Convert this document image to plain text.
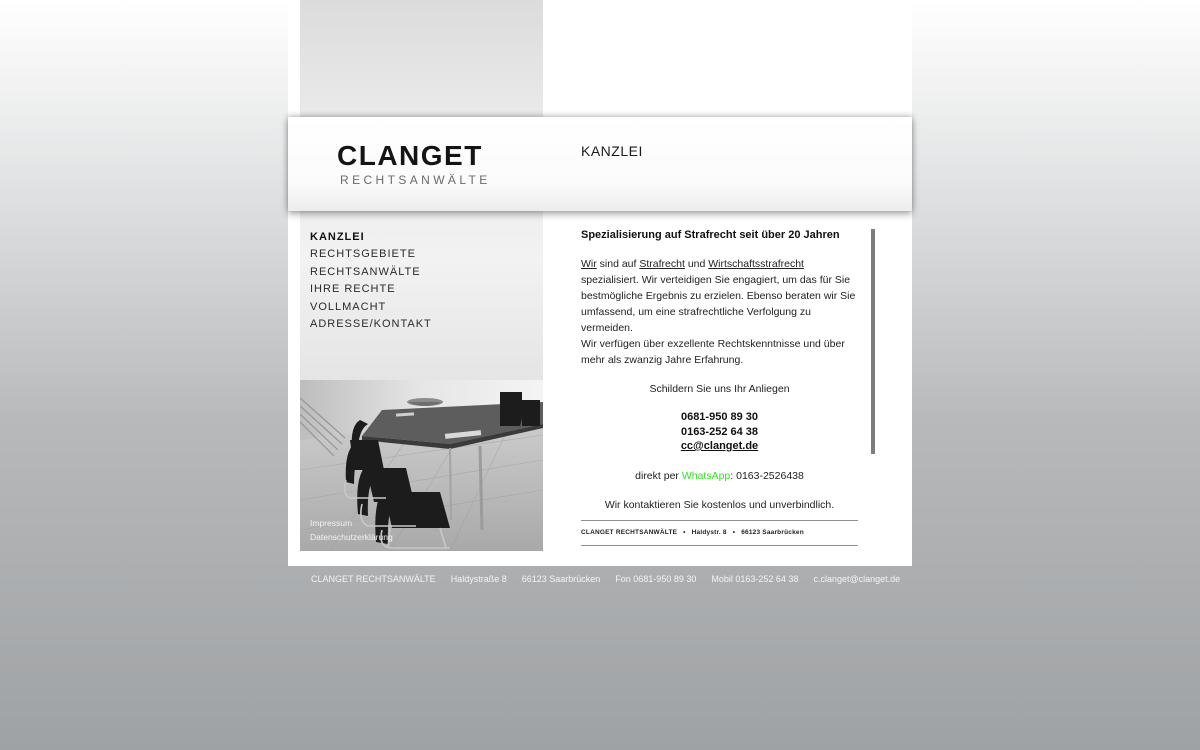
CLANGET
RECHTSANWÄLTE
KANZLEI
KANZLEI
RECHTSGEBIETE
RECHTSANWÄLTE
IHRE RECHTE
VOLLMACHT
ADRESSE/KONTAKT
Impressum
Datenschutzerklärung
Spezialisierung auf Strafrecht seit über 20 Jahren

Wir sind auf Strafrecht und Wirtschaftsstrafrecht spezialisiert. Wir verteidigen Sie engagiert, um das für Sie bestmögliche Ergebnis zu erzielen. Ebenso beraten wir Sie umfassend, um eine strafrechtliche Verfolgung zu vermeiden.

Wir verfügen über exzellente Rechtskenntnisse und über mehr als zwanzig Jahre Erfahrung.

Schildern Sie uns Ihr Anliegen

0681-950 89 30
0163-252 64 38
cc@clanget.de

direkt per WhatsApp: 0163-2526438

Wir kontaktieren Sie kostenlos und unverbindlich.

CLANGET RECHTSANWÄLTE • Haldystr. 8 • 66123 Saarbrücken
CLANGET RECHTSANWÄLTE Haldystraße 8 66123 Saarbrücken Fon 0681-950 89 30 Mobil 0163-252 64 38 c.clanget@clanget.de
